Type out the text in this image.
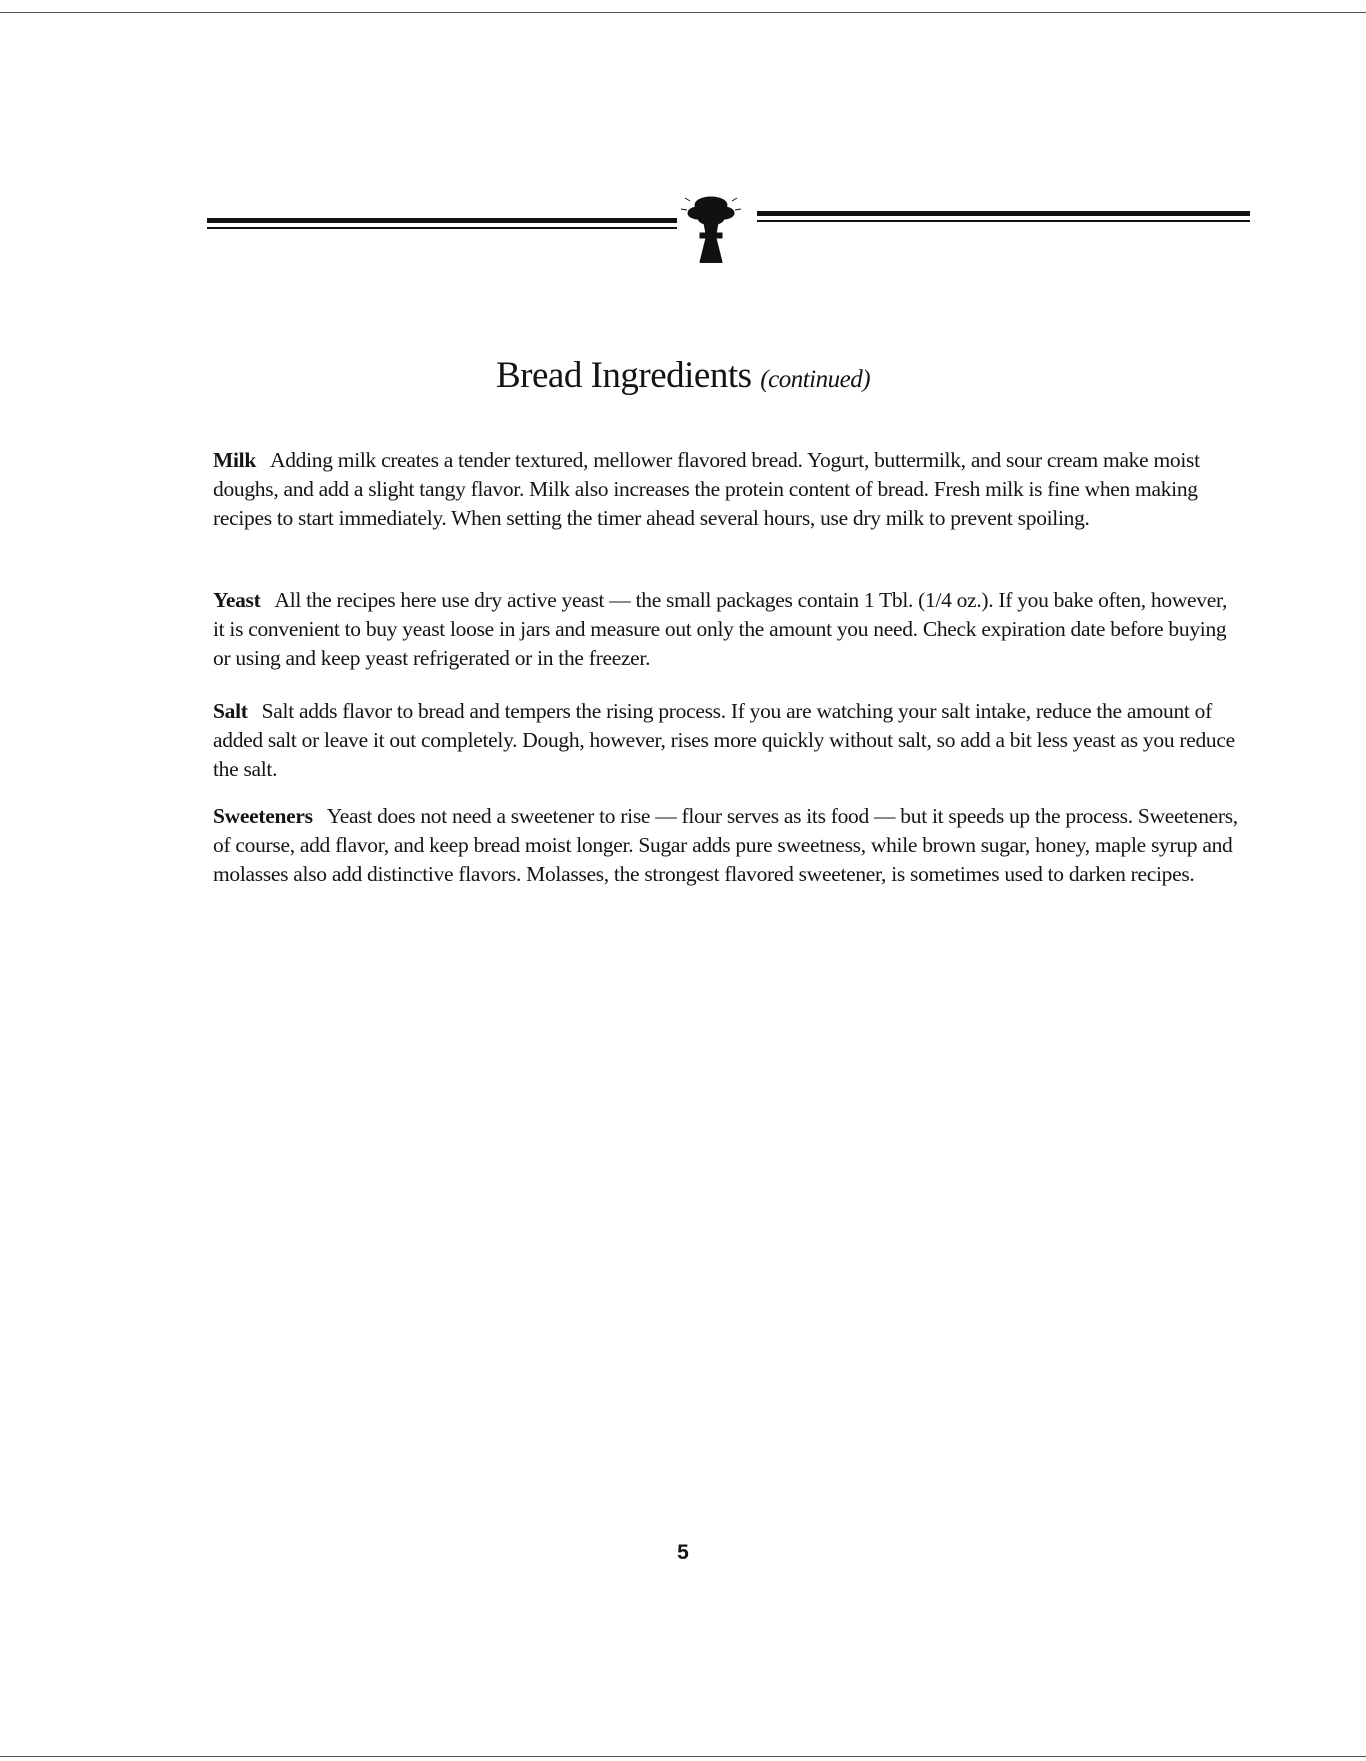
Bread Ingredients (continued)

Milk Adding milk creates a tender textured, mellower flavored bread. Yogurt, buttermilk, and sour cream make moist doughs, and add a slight tangy flavor. Milk also increases the protein content of bread. Fresh milk is fine when making recipes to start immediately. When setting the timer ahead several hours, use dry milk to prevent spoiling.

Yeast All the recipes here use dry active yeast — the small packages contain 1 Tbl. (1/4 oz.). If you bake often, however, it is convenient to buy yeast loose in jars and measure out only the amount you need. Check expiration date before buying or using and keep yeast refrigerated or in the freezer.

Salt Salt adds flavor to bread and tempers the rising process. If you are watching your salt intake, reduce the amount of added salt or leave it out completely. Dough, however, rises more quickly without salt, so add a bit less yeast as you reduce the salt.

Sweeteners Yeast does not need a sweetener to rise — flour serves as its food — but it speeds up the process. Sweeteners, of course, add flavor, and keep bread moist longer. Sugar adds pure sweetness, while brown sugar, honey, maple syrup and molasses also add distinctive flavors. Molasses, the strongest flavored sweetener, is sometimes used to darken recipes.

5
